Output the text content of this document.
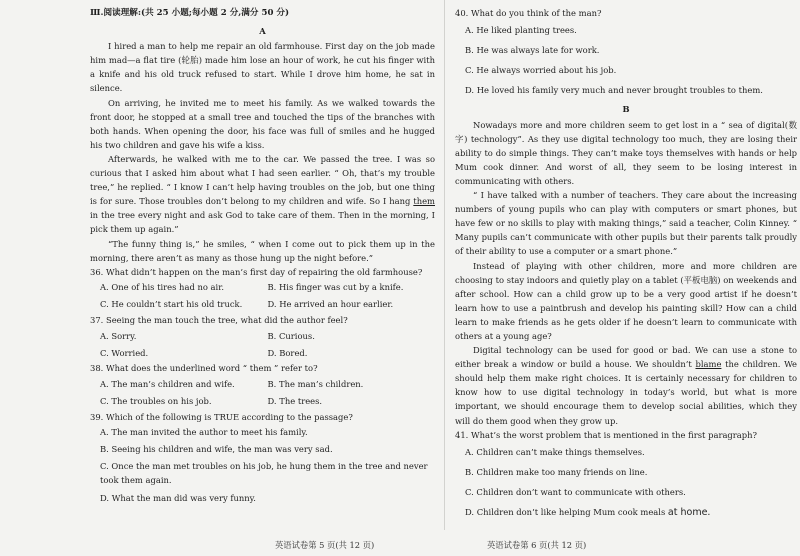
Ⅲ.阅读理解:(共 25 小题;每小题 2 分,满分 50 分)
A

I hired a man to help me repair an old farmhouse. First day on the job made him mad—a flat tire (轮胎) made him lose an hour of work, he cut his finger with a knife and his old truck refused to start. While I drove him home, he sat in silence.

On arriving, he invited me to meet his family. As we walked towards the front door, he stopped at a small tree and touched the tips of the branches with both hands. When opening the door, his face was full of smiles and he hugged his two children and gave his wife a kiss.

Afterwards, he walked with me to the car. We passed the tree. I was so curious that I asked him about what I had seen earlier. “ Oh, that’s my trouble tree,” he replied. “ I know I can’t help having troubles on the job, but one thing is for sure. Those troubles don’t belong to my children and wife. So I hang them in the tree every night and ask God to take care of them. Then in the morning, I pick them up again.”

“The funny thing is,” he smiles, “ when I come out to pick them up in the morning, there aren’t as many as those hung up the night before.”

36. What didn’t happen on the man’s first day of repairing the old farmhouse?

A. One of his tires had no air.	B. His finger was cut by a knife.
C. He couldn’t start his old truck.	D. He arrived an hour earlier.

37. Seeing the man touch the tree, what did the author feel?

A. Sorry.	B. Curious.
C. Worried.	D. Bored.

38. What does the underlined word “ them ” refer to?

A. The man’s children and wife.	B. The man’s children.
C. The troubles on his job.	D. The trees.

39. Which of the following is TRUE according to the passage?

A. The man invited the author to meet his family.
B. Seeing his children and wife, the man was very sad.
C. Once the man met troubles on his job, he hung them in the tree and never took them again.
D. What the man did was very funny.

40. What do you think of the man?

A. He liked planting trees.
B. He was always late for work.
C. He always worried about his job.
D. He loved his family very much and never brought troubles to them.
B

Nowadays more and more children seem to get lost in a “ sea of digital(数字) technology”. As they use digital technology too much, they are losing their ability to do simple things. They can’t make toys themselves with hands or help Mum cook dinner. And worst of all, they seem to be losing interest in communicating with others.

“ I have talked with a number of teachers. They care about the increasing numbers of young pupils who can play with computers or smart phones, but have few or no skills to play with making things,” said a teacher, Colin Kinney. “ Many pupils can’t communicate with other pupils but their parents talk proudly of their ability to use a computer or a smart phone.”

Instead of playing with other children, more and more children are choosing to stay indoors and quietly play on a tablet (平板电脑) on weekends and after school. How can a child grow up to be a very good artist if he doesn’t learn how to use a paintbrush and develop his painting skill? How can a child learn to make friends as he gets older if he doesn’t learn to communicate with others at a young age?

Digital technology can be used for good or bad. We can use a stone to either break a window or build a house. We shouldn’t blame the children. We should help them make right choices. It is certainly necessary for children to know how to use digital technology in today’s world, but what is more important, we should encourage them to develop social abilities, which they will do them good when they grow up.

41. What’s the worst problem that is mentioned in the first paragraph?

A. Children can’t make things themselves.
B. Children make too many friends on line.
C. Children don’t want to communicate with others.
D. Children don’t like helping Mum cook meals at home.
英语试卷第 5 页(共 12 页)	英语试卷第 6 页(共 12 页)
